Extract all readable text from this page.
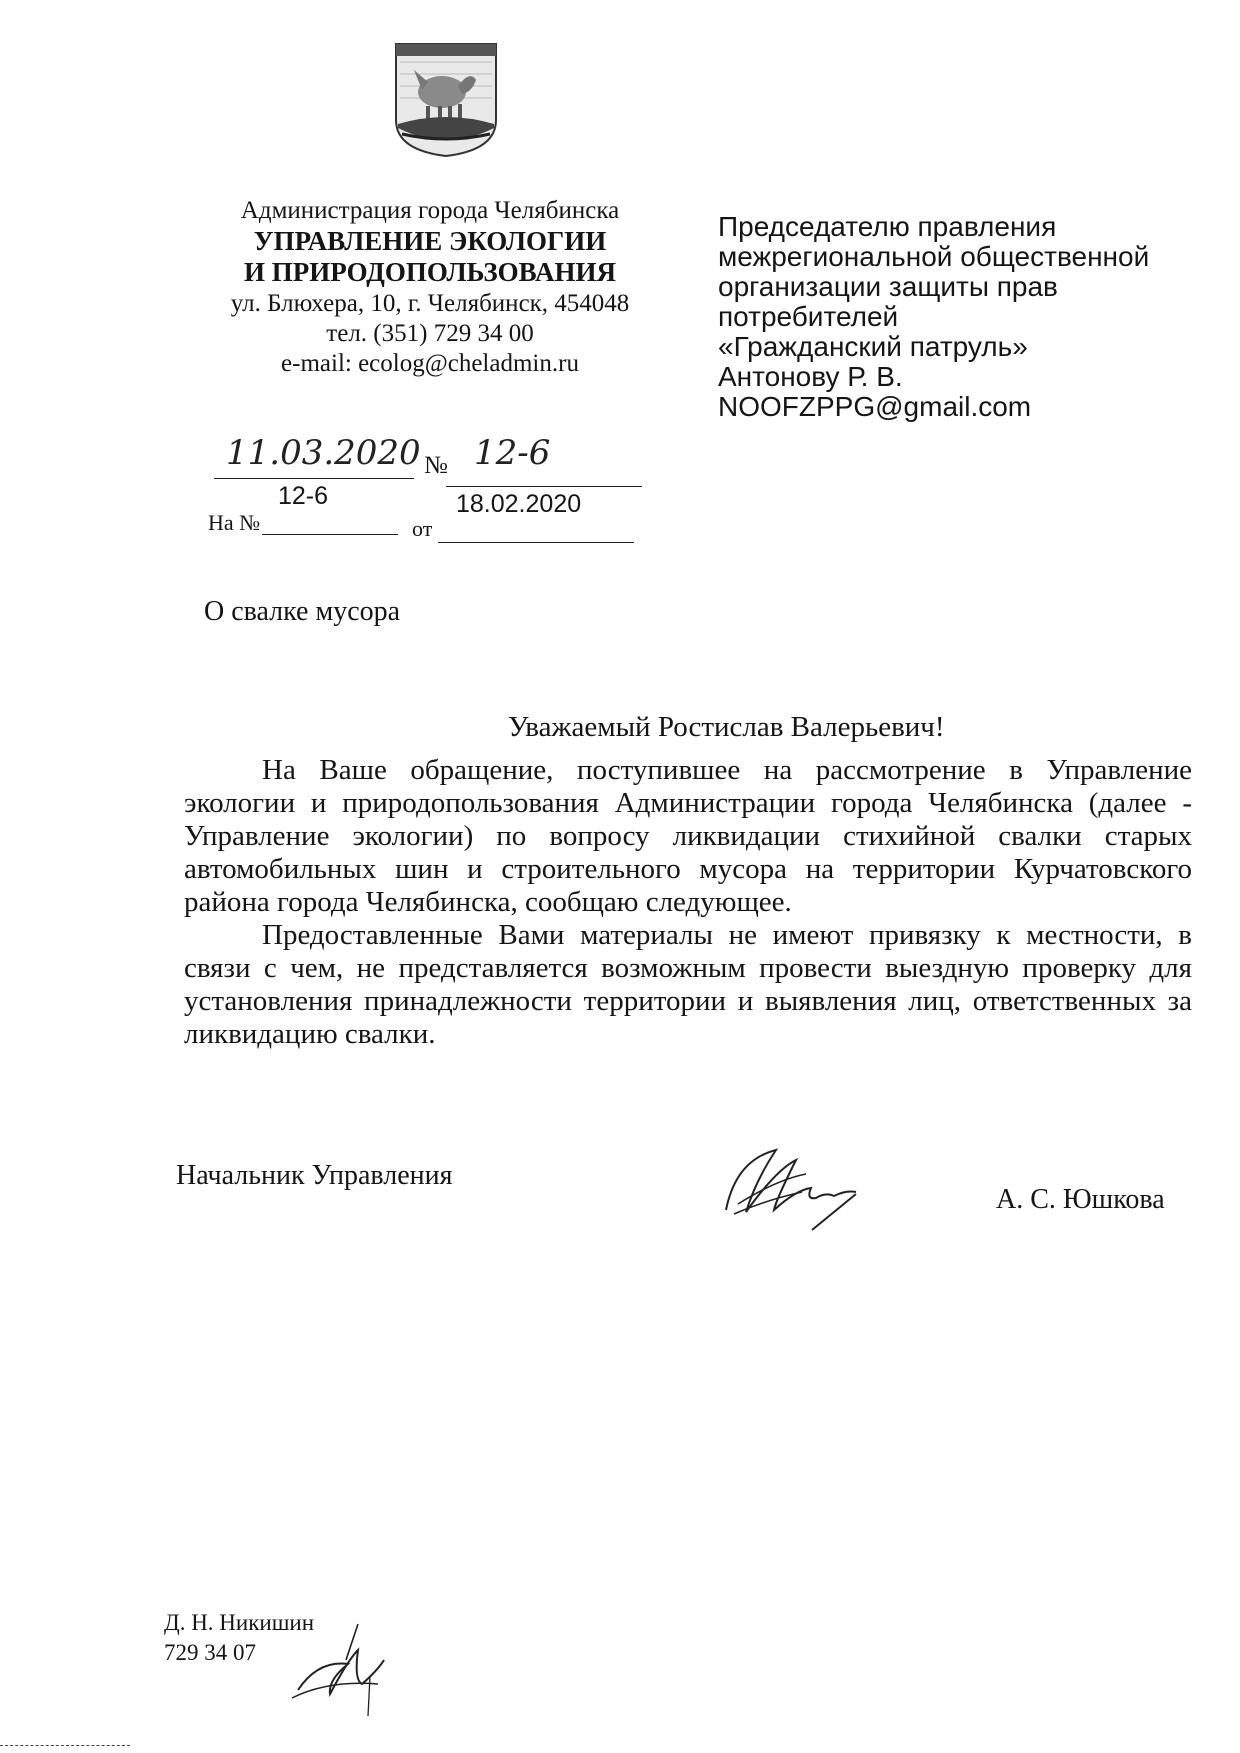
Администрация города Челябинска
УПРАВЛЕНИЕ ЭКОЛОГИИ
И ПРИРОДОПОЛЬЗОВАНИЯ
ул. Блюхера, 10, г. Челябинск, 454048
тел. (351) 729 34 00
e-mail: ecolog@cheladmin.ru
Председателю правления
межрегиональной общественной
организации защиты прав
потребителей
«Гражданский патруль»
Антонову Р. В.
NOOFZPPG@gmail.com
11.03.2020 № 12-6
12-6	18.02.2020
На №	от
О свалке мусора
Уважаемый Ростислав Валерьевич!

На Ваше обращение, поступившее на рассмотрение в Управление экологии и природопользования Администрации города Челябинска (далее - Управление экологии) по вопросу ликвидации стихийной свалки старых автомобильных шин и строительного мусора на территории Курчатовского района города Челябинска, сообщаю следующее.

Предоставленные Вами материалы не имеют привязку к местности, в связи с чем, не представляется возможным провести выездную проверку для установления принадлежности территории и выявления лиц, ответственных за ликвидацию свалки.

Начальник Управления
А. С. Юшкова
Д. Н. Никишин
729 34 07
